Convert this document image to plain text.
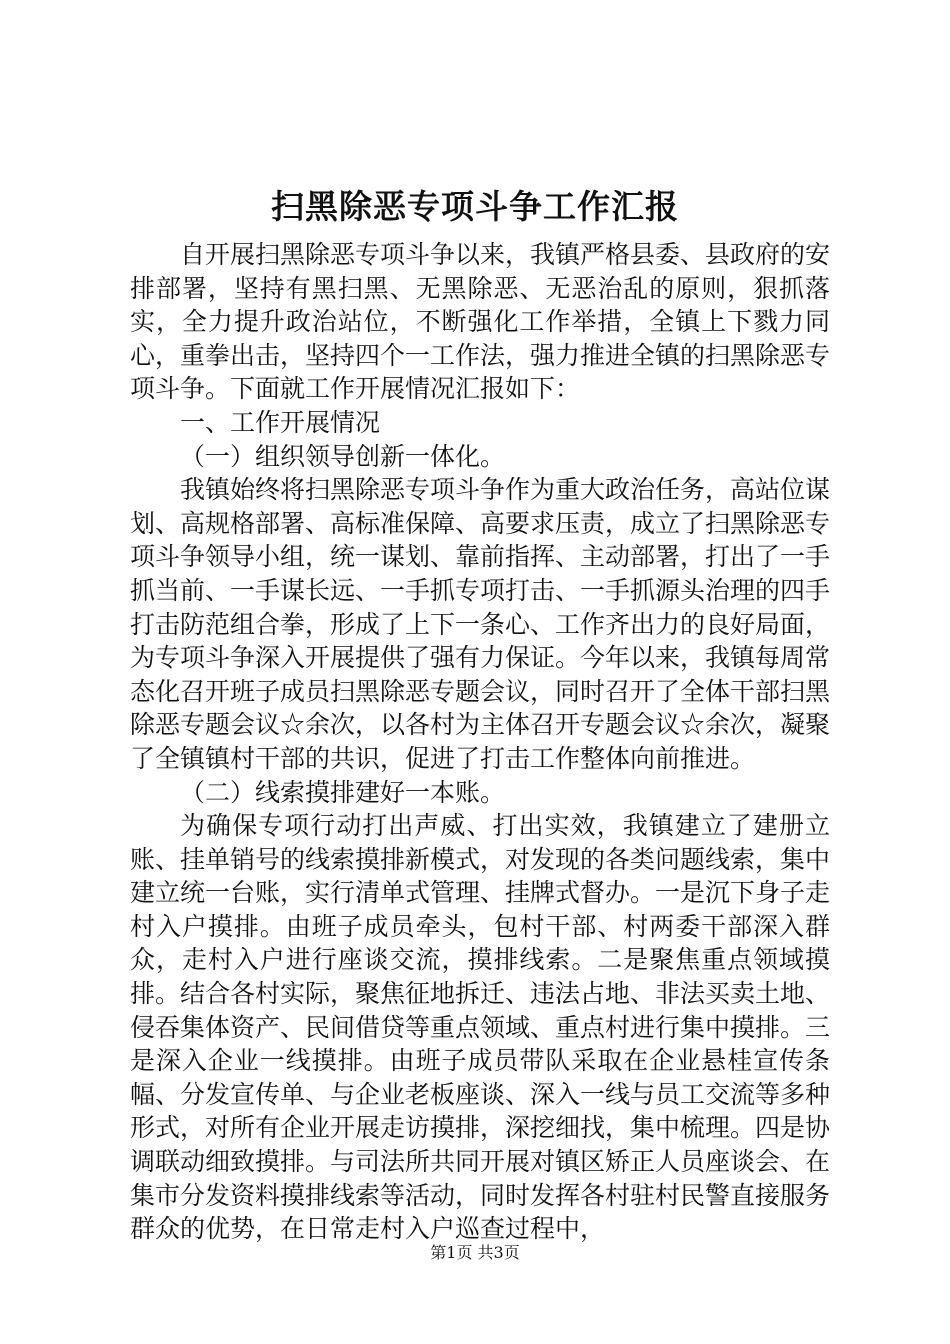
扫黑除恶专项斗争工作汇报

自开展扫黑除恶专项斗争以来，我镇严格县委、县政府的安排部署，坚持有黑扫黑、无黑除恶、无恶治乱的原则，狠抓落实，全力提升政治站位，不断强化工作举措，全镇上下戮力同心，重拳出击，坚持四个一工作法，强力推进全镇的扫黑除恶专项斗争。下面就工作开展情况汇报如下：

一、工作开展情况

（一）组织领导创新一体化。

我镇始终将扫黑除恶专项斗争作为重大政治任务，高站位谋划、高规格部署、高标准保障、高要求压责，成立了扫黑除恶专项斗争领导小组，统一谋划、靠前指挥、主动部署，打出了一手抓当前、一手谋长远、一手抓专项打击、一手抓源头治理的四手打击防范组合拳，形成了上下一条心、工作齐出力的良好局面，为专项斗争深入开展提供了强有力保证。今年以来，我镇每周常态化召开班子成员扫黑除恶专题会议，同时召开了全体干部扫黑除恶专题会议☆余次，以各村为主体召开专题会议☆余次，凝聚了全镇镇村干部的共识，促进了打击工作整体向前推进。

（二）线索摸排建好一本账。

为确保专项行动打出声威、打出实效，我镇建立了建册立账、挂单销号的线索摸排新模式，对发现的各类问题线索，集中建立统一台账，实行清单式管理、挂牌式督办。一是沉下身子走村入户摸排。由班子成员牵头，包村干部、村两委干部深入群众，走村入户进行座谈交流，摸排线索。二是聚焦重点领域摸排。结合各村实际，聚焦征地拆迁、违法占地、非法买卖土地、侵吞集体资产、民间借贷等重点领域、重点村进行集中摸排。三是深入企业一线摸排。由班子成员带队采取在企业悬桂宣传条幅、分发宣传单、与企业老板座谈、深入一线与员工交流等多种形式，对所有企业开展走访摸排，深挖细找，集中梳理。四是协调联动细致摸排。与司法所共同开展对镇区矫正人员座谈会、在集市分发资料摸排线索等活动，同时发挥各村驻村民警直接服务群众的优势，在日常走村入户巡查过程中，

第1页 共3页
